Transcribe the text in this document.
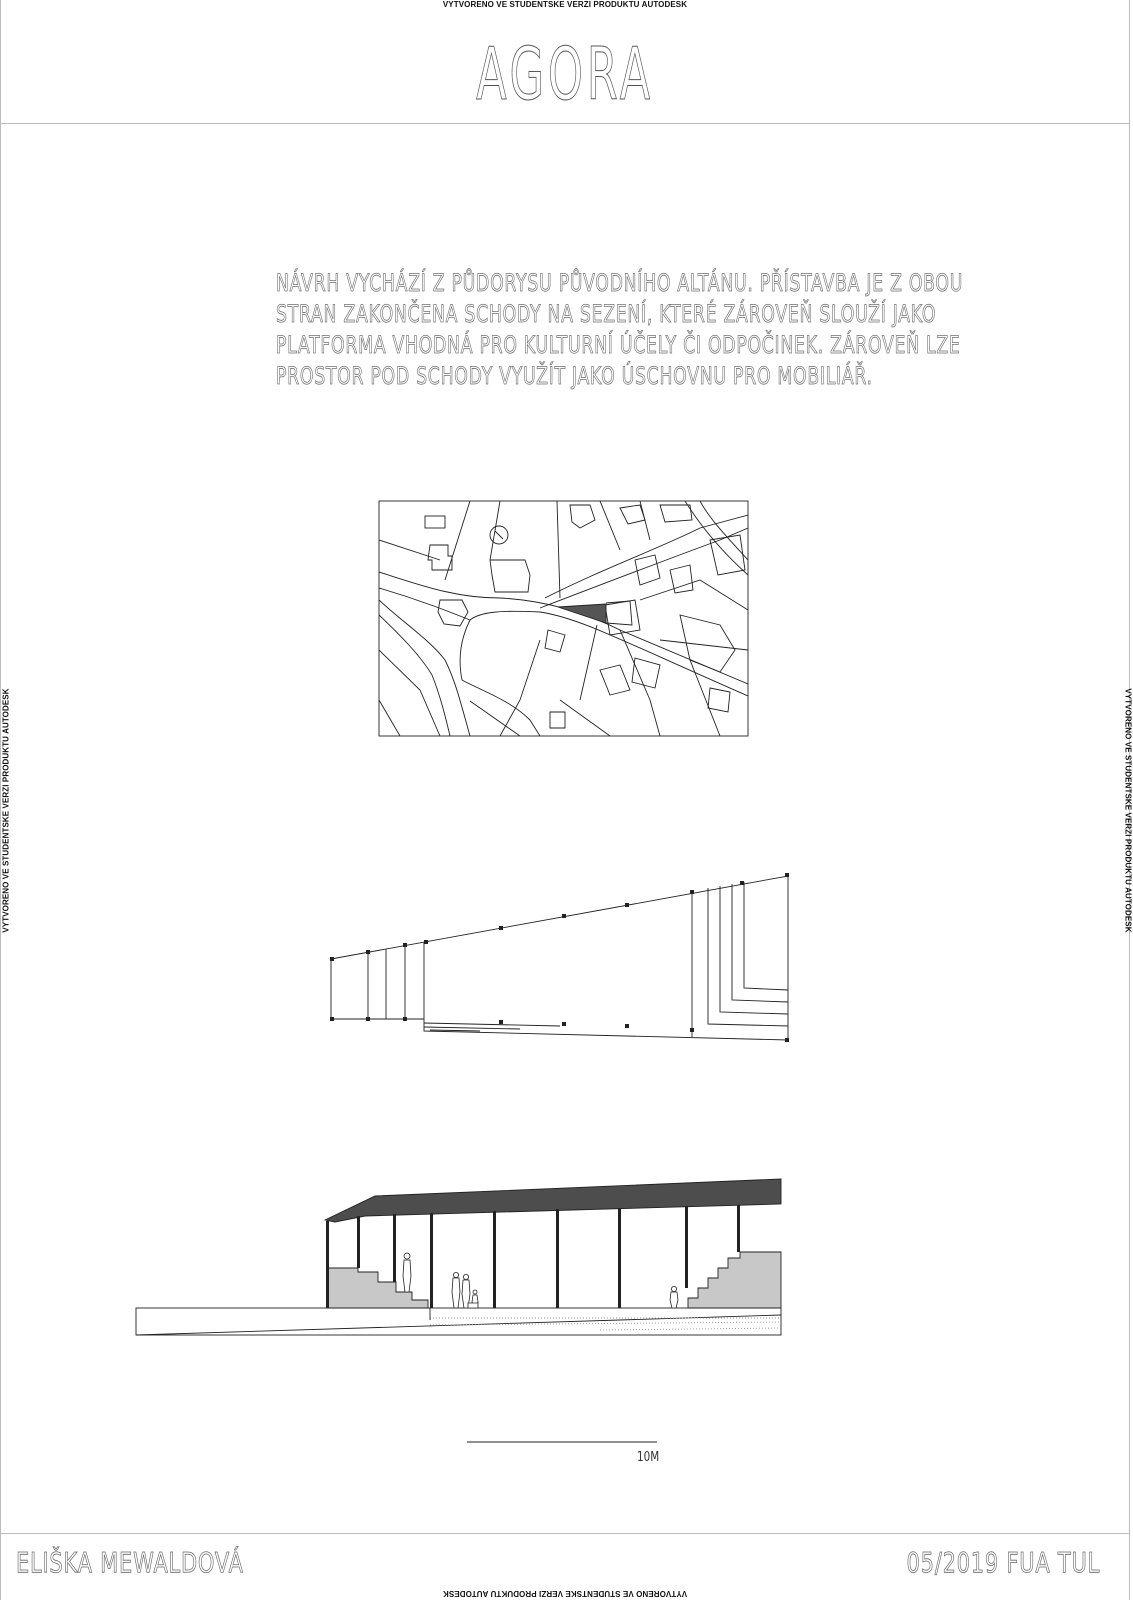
VYTVORENO VE STUDENTSKE VERZI PRODUKTU AUTODESK
VYTVORENO VE STUDENTSKE VERZI PRODUKTU AUTODESK
VYTVORENO VE STUDENTSKE VERZI PRODUKTU AUTODESK	VYTVORENO VE STUDENTSKE VERZI PRODUKTU AUTODESK
AGORA
NÁVRH VYCHÁZÍ Z PŮDORYSU PŮVODNÍHO ALTÁNU. PŘÍSTAVBA JE Z OBOU
STRAN ZAKONČENA SCHODY NA SEZENÍ, KTERÉ ZÁROVEŇ SLOUŽÍ JAKO
PLATFORMA VHODNÁ PRO KULTURNÍ ÚČELY ČI ODPOČINEK. ZÁROVEŇ LZE
PROSTOR POD SCHODY VYUŽÍT JAKO ÚSCHOVNU PRO MOBILIÁŘ.
10M
ELIŠKA MEWALDOVÁ	05/2019 FUA TUL
